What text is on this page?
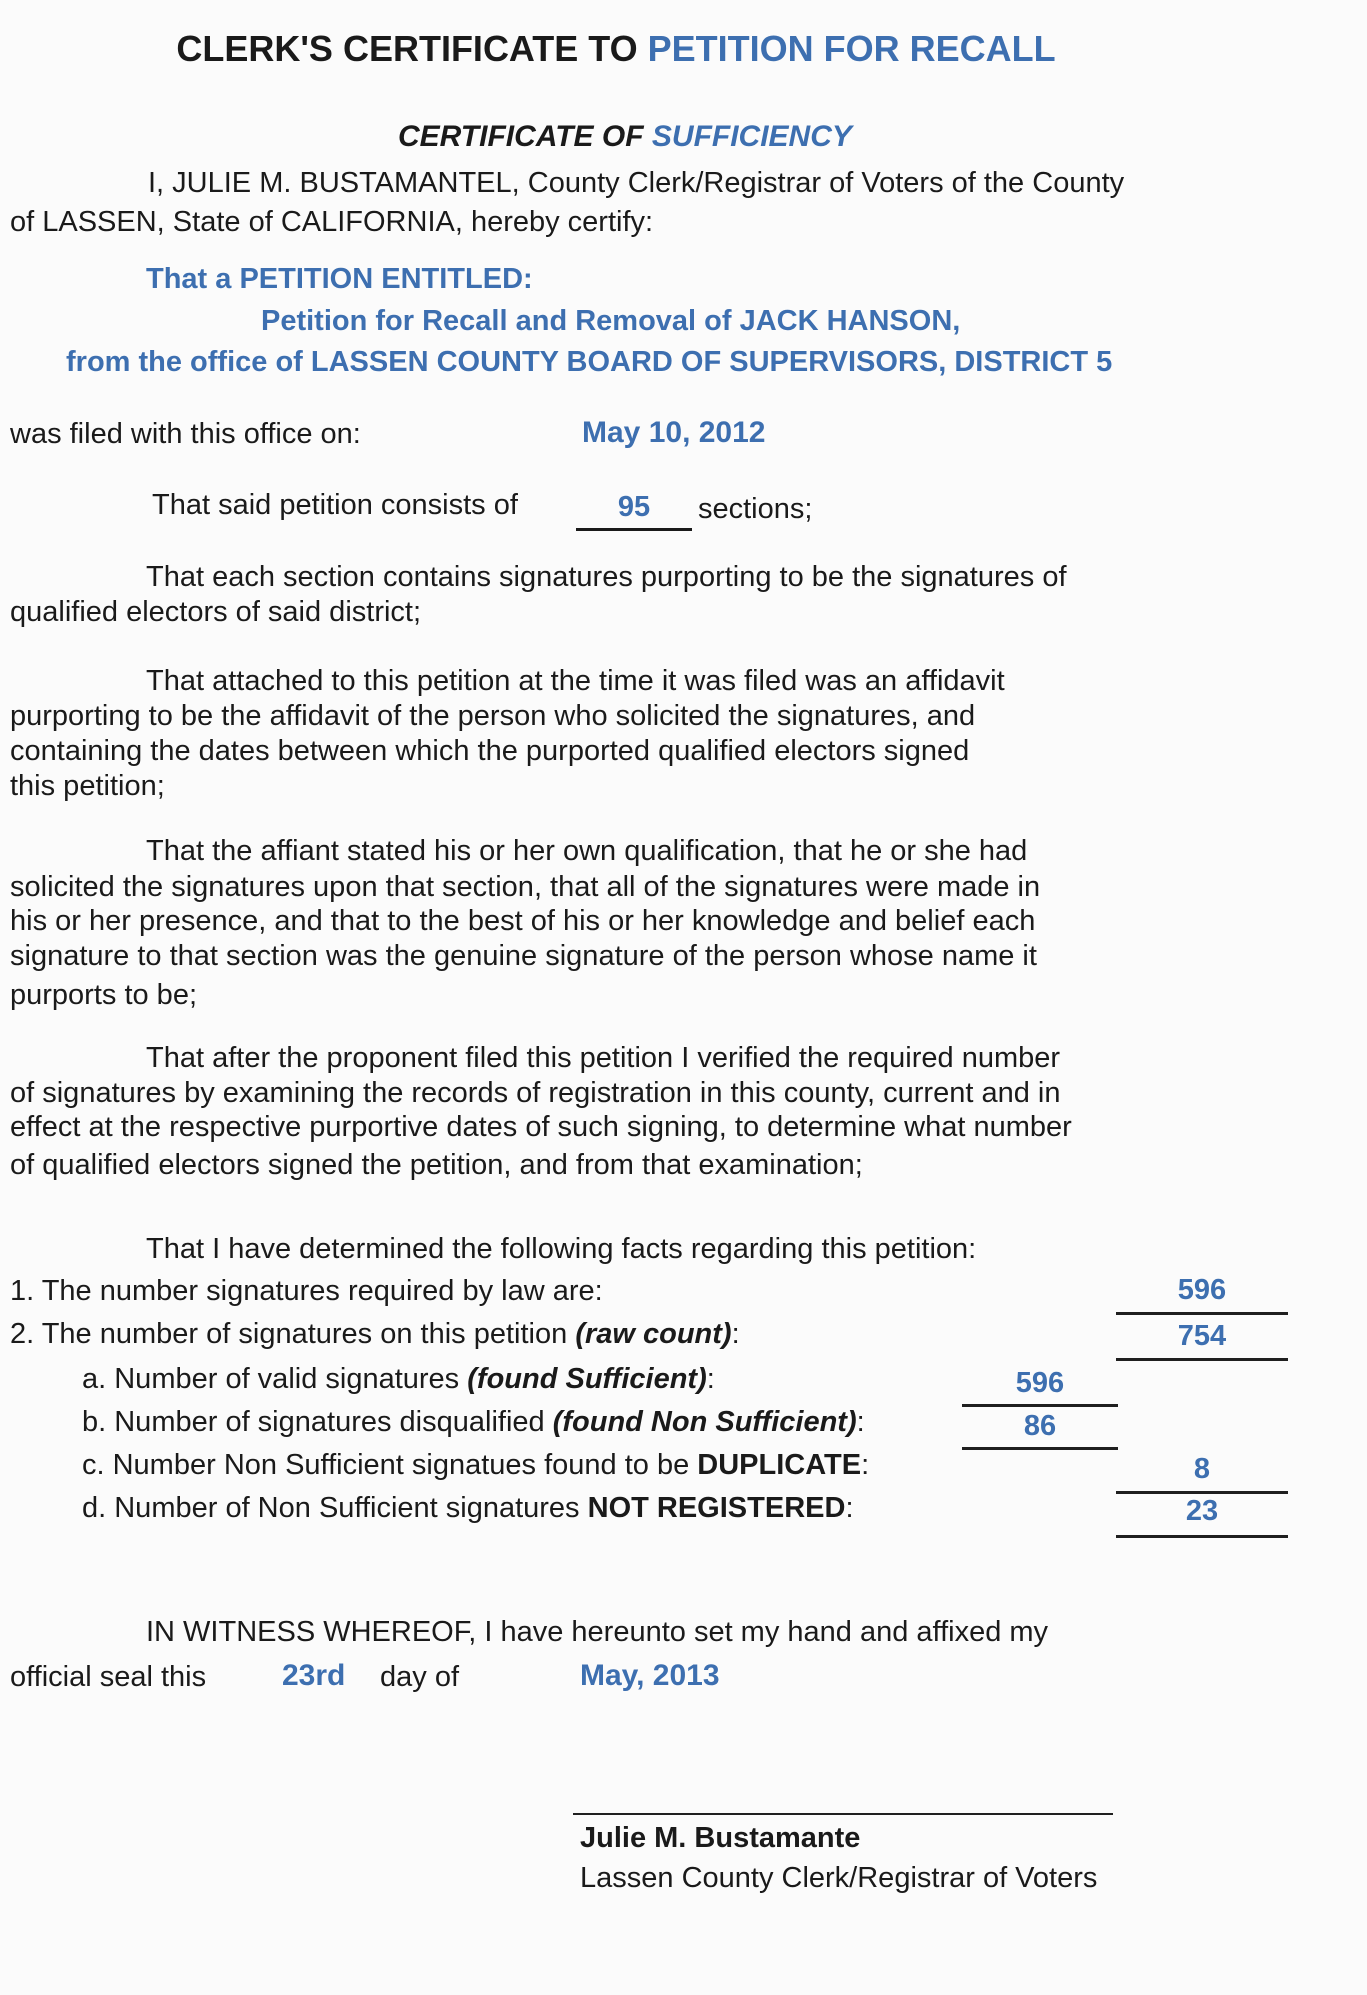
CLERK'S CERTIFICATE TO PETITION FOR RECALL
CERTIFICATE OF SUFFICIENCY
I, JULIE M. BUSTAMANTEL, County Clerk/Registrar of Voters of the County
of LASSEN, State of CALIFORNIA, hereby certify:
That a PETITION ENTITLED:
Petition for Recall and Removal of JACK HANSON,
from the office of LASSEN COUNTY BOARD OF SUPERVISORS, DISTRICT 5
was filed with this office on:	May 10, 2012
That said petition consists of	95	sections;
That each section contains signatures purporting to be the signatures of
qualified electors of said district;
That attached to this petition at the time it was filed was an affidavit
purporting to be the affidavit of the person who solicited the signatures, and
containing the dates between which the purported qualified electors signed
this petition;
That the affiant stated his or her own qualification, that he or she had
solicited the signatures upon that section, that all of the signatures were made in
his or her presence, and that to the best of his or her knowledge and belief each
signature to that section was the genuine signature of the person whose name it
purports to be;
That after the proponent filed this petition I verified the required number
of signatures by examining the records of registration in this county, current and in
effect at the respective purportive dates of such signing, to determine what number
of qualified electors signed the petition, and from that examination;
That I have determined the following facts regarding this petition:
1. The number signatures required by law are:	596
2. The number of signatures on this petition (raw count):	754
a. Number of valid signatures (found Sufficient):	596
b. Number of signatures disqualified (found Non Sufficient):	86
c. Number Non Sufficient signatues found to be DUPLICATE:	8
d. Number of Non Sufficient signatures NOT REGISTERED:	23
IN WITNESS WHEREOF, I have hereunto set my hand and affixed my
official seal this	23rd day of	May, 2013
Julie M. Bustamante
Lassen County Clerk/Registrar of Voters
